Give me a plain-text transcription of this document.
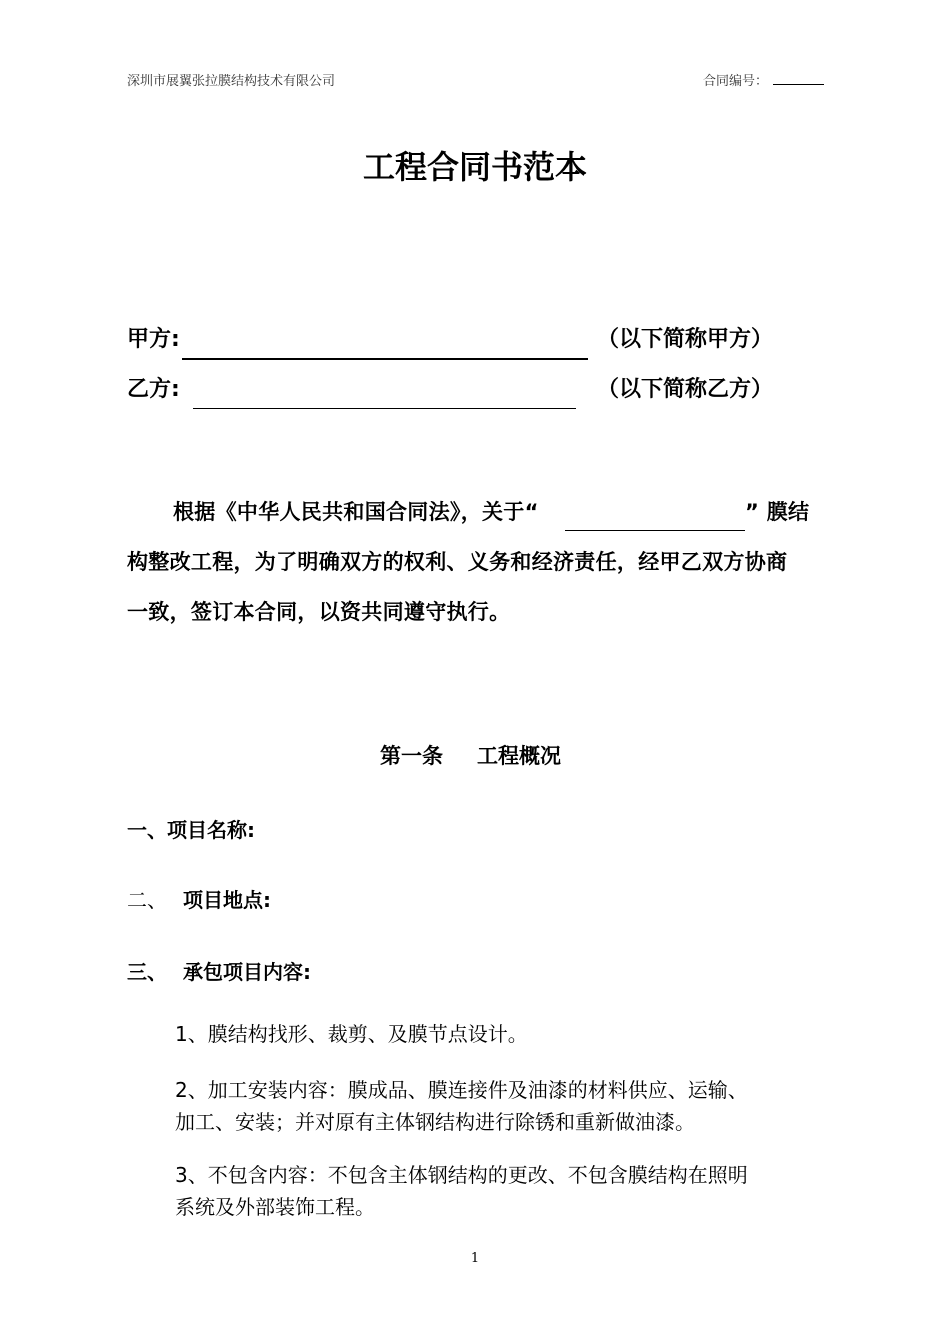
深圳市展翼张拉膜结构技术有限公司	合同编号：
工程合同书范本
甲方:	（以下简称甲方）
乙方:	（以下简称乙方）
根据《中华人民共和国合同法》，关于“	” 膜结
构整改工程，为了明确双方的权利、义务和经济责任，经甲乙双方协商
一致，签订本合同，以资共同遵守执行。
第一条 工程概况
一、项目名称:
二、 项目地点:
三、 承包项目内容:
1、膜结构找形、裁剪、及膜节点设计。
2、加工安装内容：膜成品、膜连接件及油漆的材料供应、运输、
加工、安装；并对原有主体钢结构进行除锈和重新做油漆。
3、不包含内容：不包含主体钢结构的更改、不包含膜结构在照明
系统及外部装饰工程。
1
